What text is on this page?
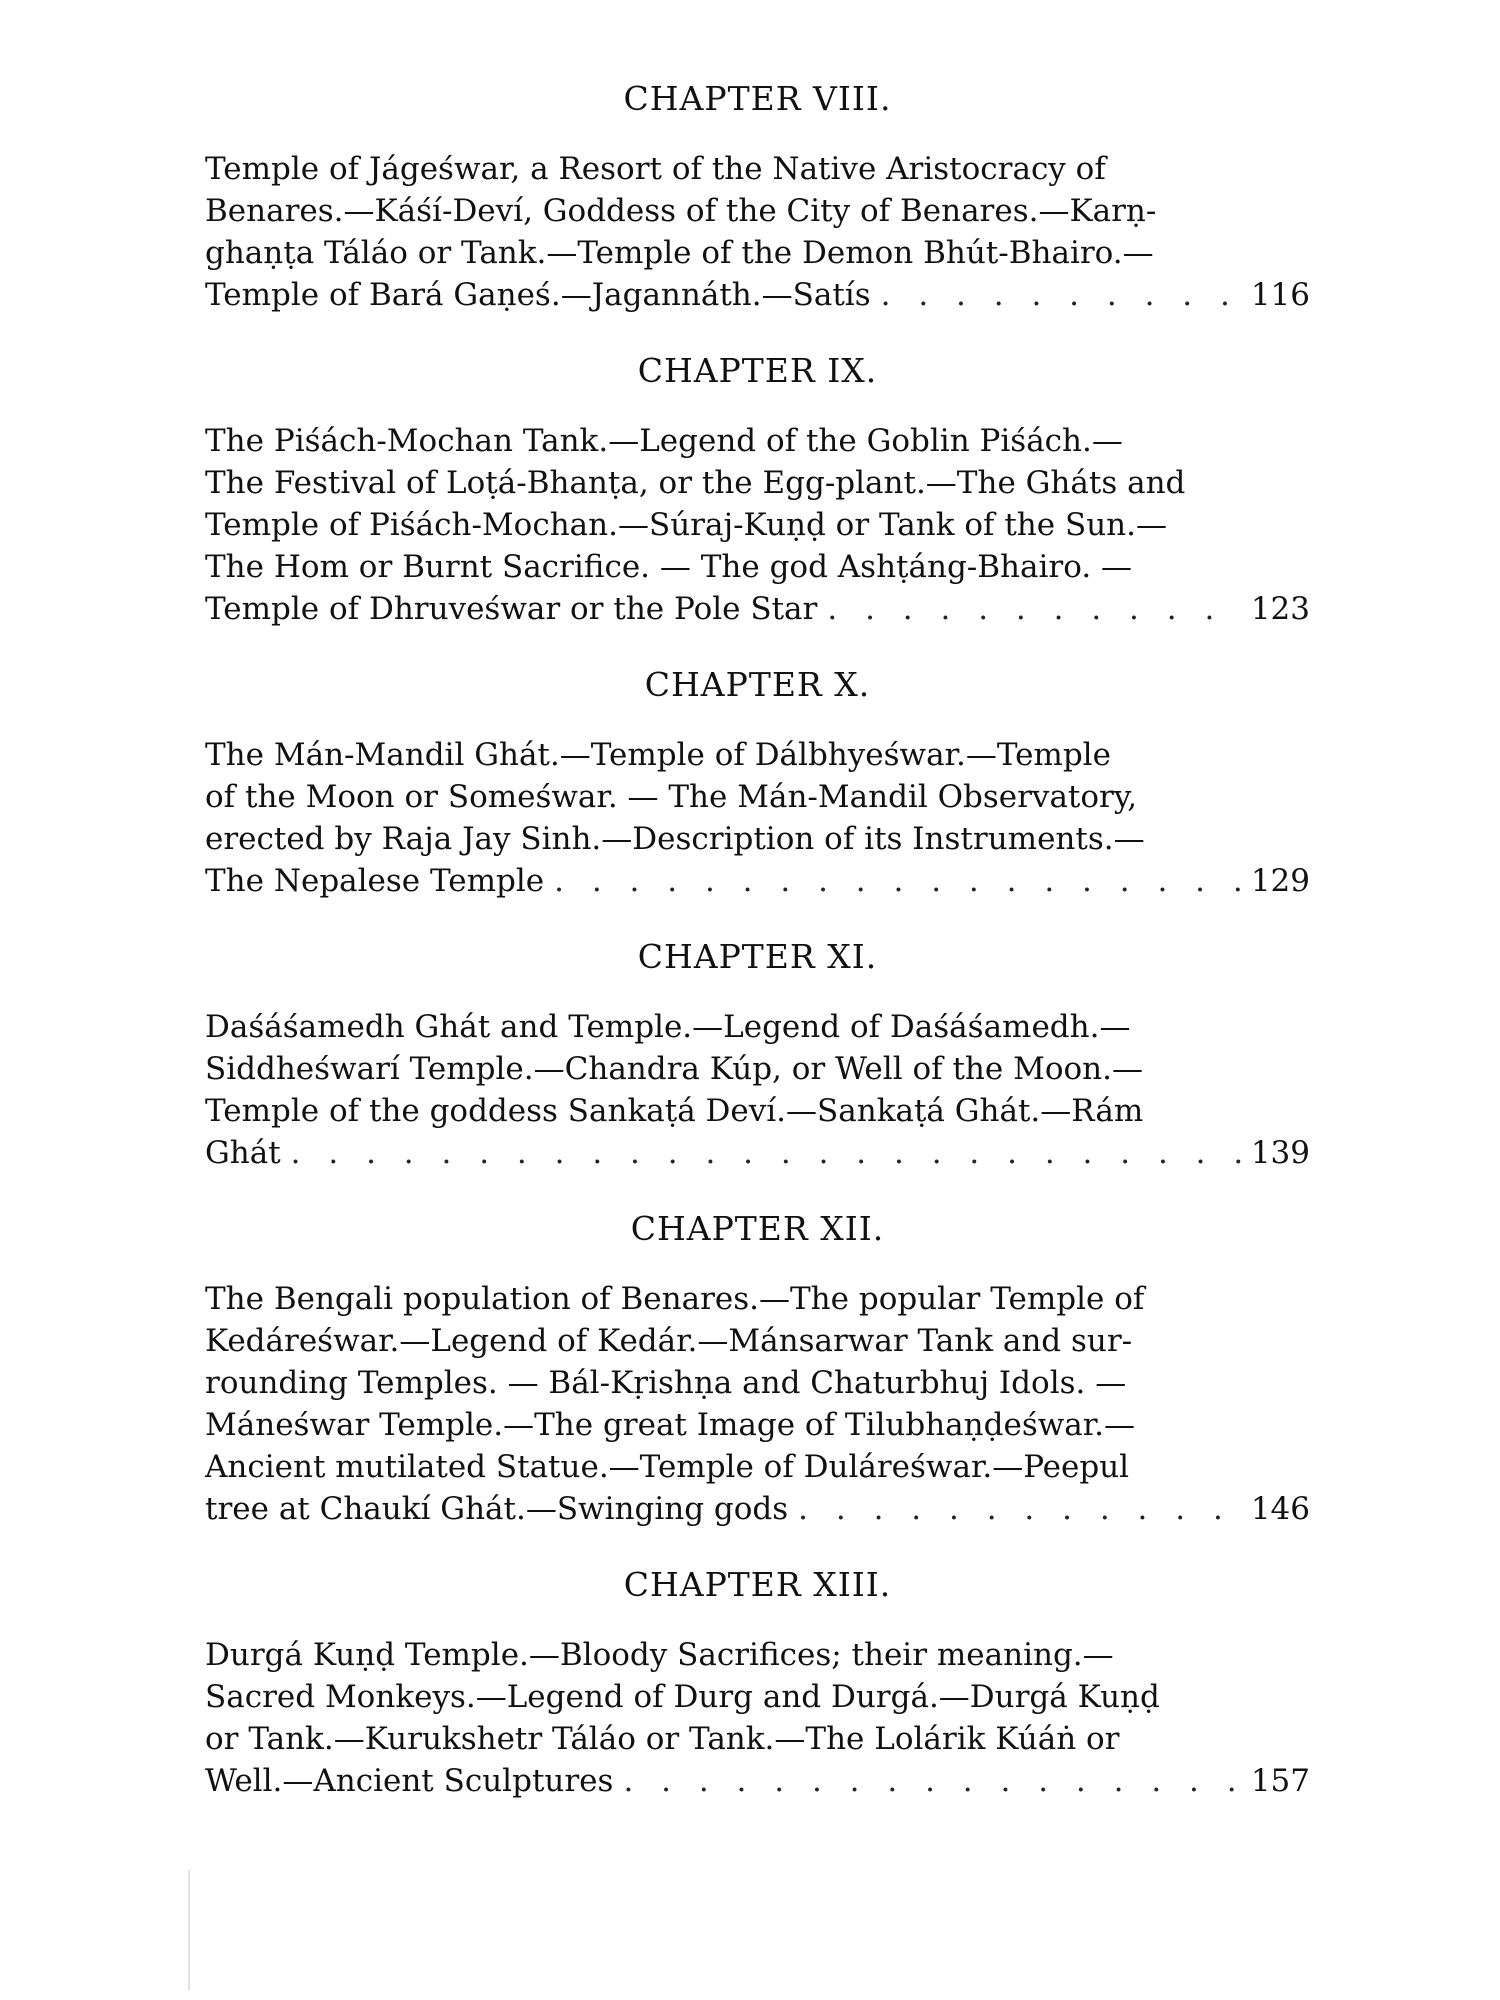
CHAPTER VIII.
Temple of Jágeśwar, a Resort of the Native Aristocracy of
Benares.—Káśí-Deví, Goddess of the City of Benares.—Karṇ-
ghaṇṭa Táláo or Tank.—Temple of the Demon Bhút-Bhairo.—
Temple of Bará Gaṇeś.—Jagannáth.—Satís . . .	116
CHAPTER IX.
The Piśách-Mochan Tank.—Legend of the Goblin Piśách.—
The Festival of Loṭá-Bhanṭa, or the Egg-plant.—The Gháts and
Temple of Piśách-Mochan.—Súraj-Kuṇḍ or Tank of the Sun.—
The Hom or Burnt Sacrifice. — The god Ashṭáng-Bhairo. —
Temple of Dhruveśwar or the Pole Star . . .	123
CHAPTER X.
The Mán-Mandil Ghát.—Temple of Dálbhyeśwar.—Temple
of the Moon or Someśwar. — The Mán-Mandil Observatory,
erected by Raja Jay Sinh.—Description of its Instruments.—
The Nepalese Temple . . .	129
CHAPTER XI.
Daśáśamedh Ghát and Temple.—Legend of Daśáśamedh.—
Siddheśwarí Temple.—Chandra Kúp, or Well of the Moon.—
Temple of the goddess Sankaṭá Deví.—Sankaṭá Ghát.—Rám
Ghát . . .	139
CHAPTER XII.
The Bengali population of Benares.—The popular Temple of
Kedáreśwar.—Legend of Kedár.—Mánsarwar Tank and sur-
rounding Temples. — Bál-Kṛishṇa and Chaturbhuj Idols. —
Máneśwar Temple.—The great Image of Tilubhaṇḍeśwar.—
Ancient mutilated Statue.—Temple of Duláreśwar.—Peepul
tree at Chaukí Ghát.—Swinging gods . . .	146
CHAPTER XIII.
Durgá Kuṇḍ Temple.—Bloody Sacrifices; their meaning.—
Sacred Monkeys.—Legend of Durg and Durgá.—Durgá Kuṇḍ
or Tank.—Kurukshetr Táláo or Tank.—The Lolárik Kúáṅ or
Well.—Ancient Sculptures . . .	157
